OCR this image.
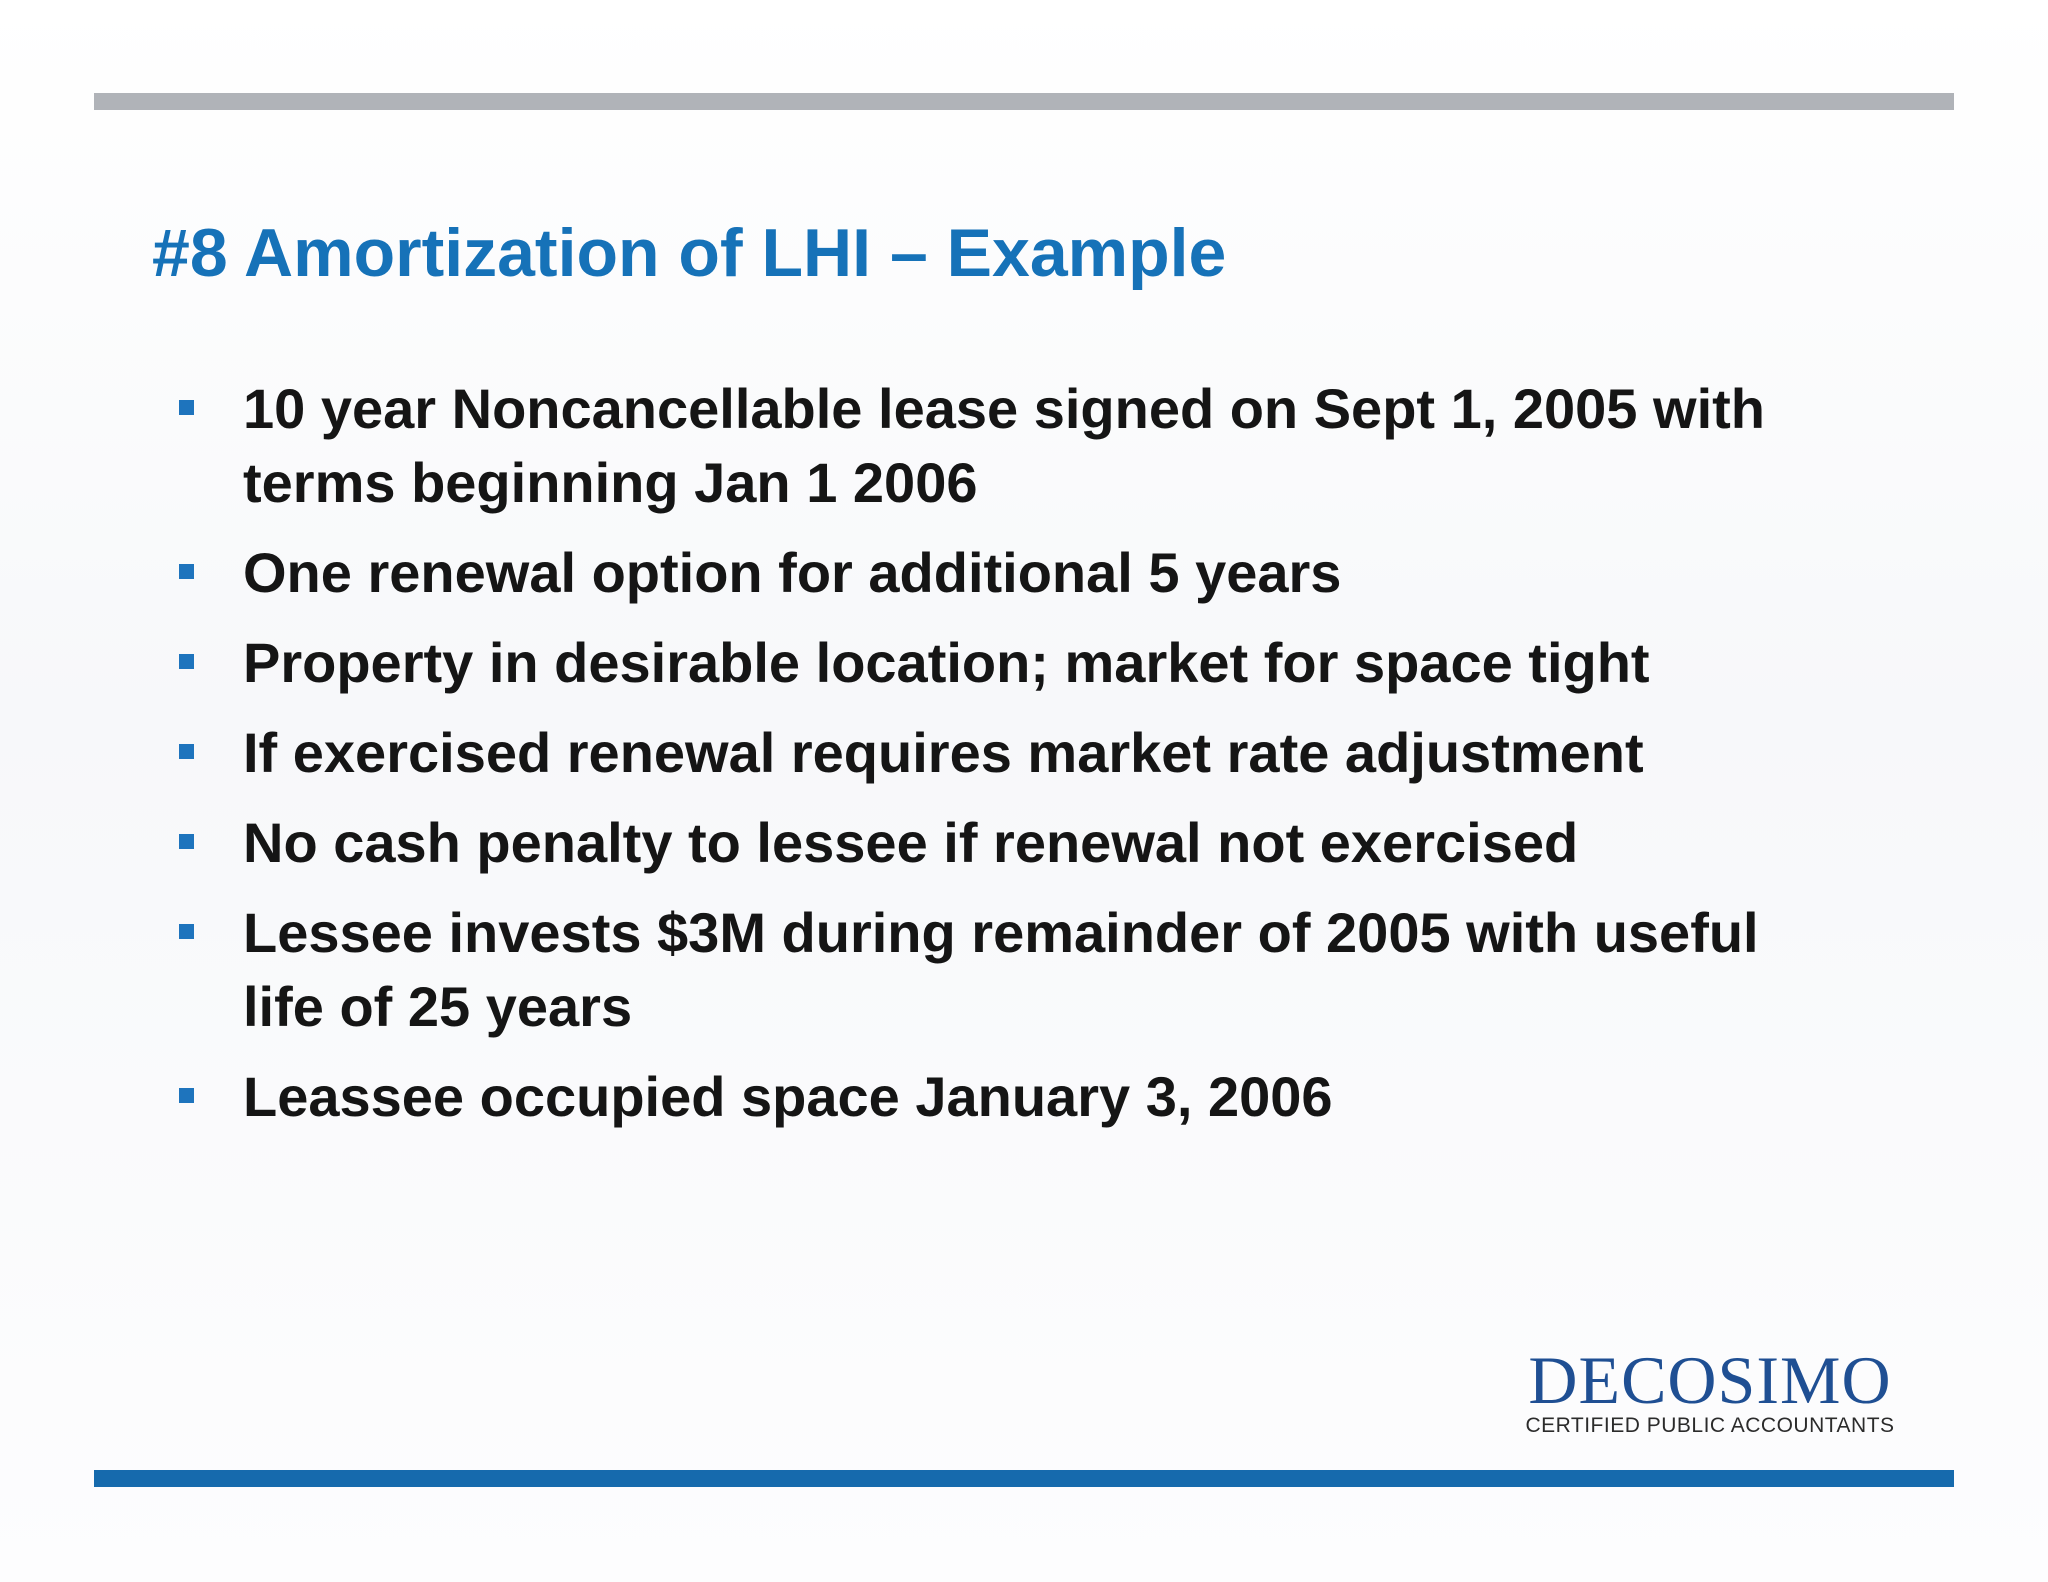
#8 Amortization of LHI – Example
10 year Noncancellable lease signed on Sept 1, 2005 with terms beginning Jan 1 2006
One renewal option for additional 5 years
Property in desirable location; market for space tight
If exercised renewal requires market rate adjustment
No cash penalty to lessee if renewal not exercised
Lessee invests $3M during remainder of 2005 with useful life of 25 years
Leassee occupied space January 3, 2006
DECOSIMO
CERTIFIED PUBLIC ACCOUNTANTS
